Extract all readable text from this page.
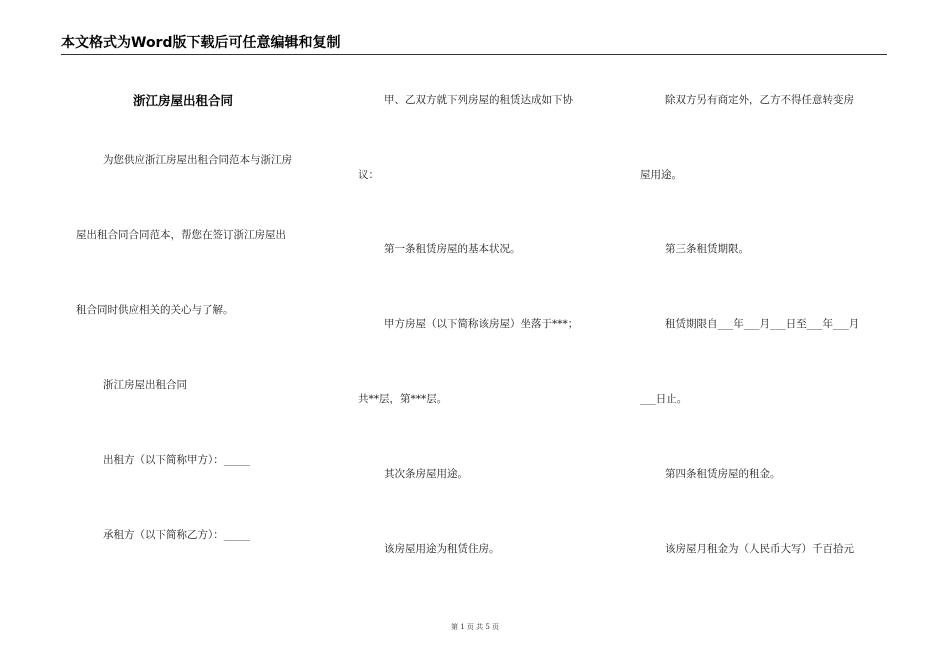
本文格式为Word版下载后可任意编辑和复制
浙江房屋出租合同
为您供应浙江房屋出租合同范本与浙江房
屋出租合同合同范本，帮您在签订浙江房屋出
租合同时供应相关的关心与了解。
浙江房屋出租合同
出租方（以下简称甲方）：_____
承租方（以下简称乙方）：_____
甲、乙双方就下列房屋的租赁达成如下协
议：
第一条租赁房屋的基本状况。
甲方房屋（以下简称该房屋）坐落于***；
共**层，第***层。
其次条房屋用途。
该房屋用途为租赁住房。
除双方另有商定外，乙方不得任意转变房
屋用途。
第三条租赁期限。
租赁期限自___年___月___日至___年___月
___日止。
第四条租赁房屋的租金。
该房屋月租金为（人民币大写）千百拾元
第 1 页 共 5 页
